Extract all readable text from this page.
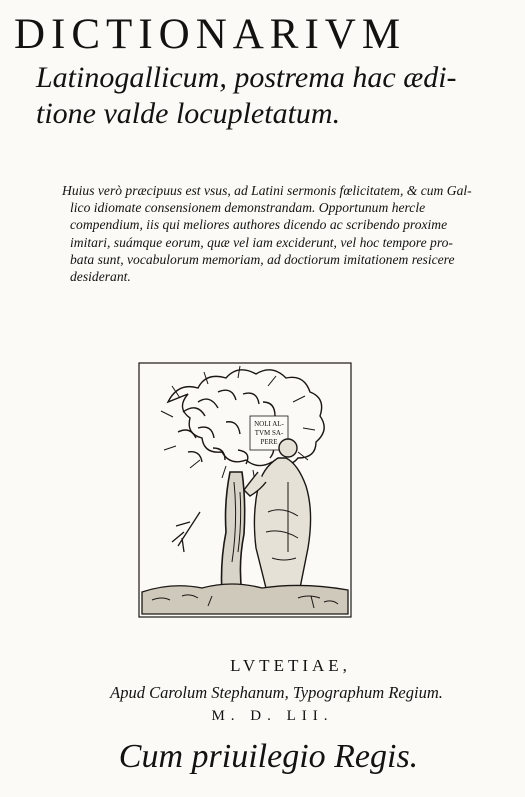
DICTIONARIVM
Latinogallicum, postrema hac ædi-
tione valde locupletatum.
Huius verò præcipuus est vsus, ad Latini sermonis fœlicitatem, & cum Gal-
lico idiomate consensionem demonstrandam. Opportunum hercle
compendium, iis qui meliores authores dicendo ac scribendo proxime
imitari, suámque eorum, quæ vel iam exciderunt, vel hoc tempore pro-
bata sunt, vocabulorum memoriam, ad doctiorum imitationem resicere
desiderant.
NOLI AL-
TVM SA-
PERE
LVTETIAE,
Apud Carolum Stephanum, Typographum Regium.
M. D. LII.
Cum priuilegio Regis.
